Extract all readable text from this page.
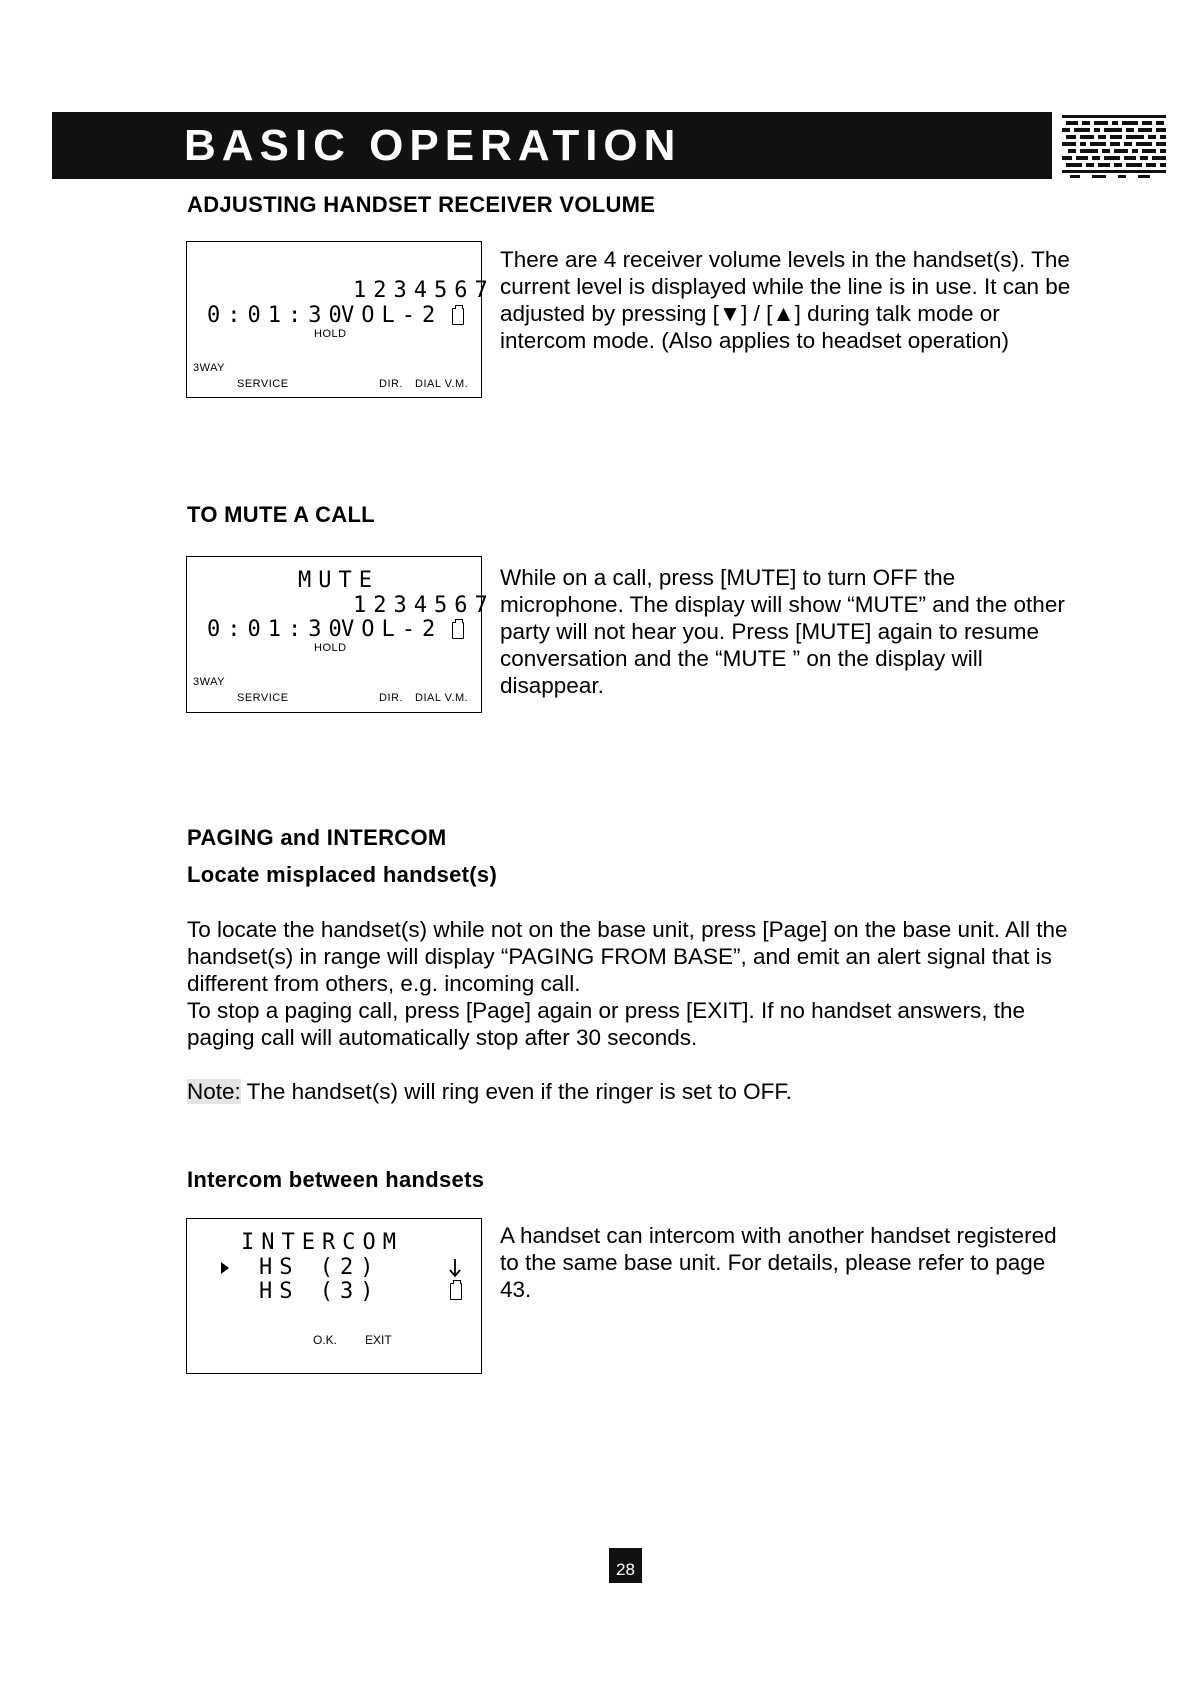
BASIC OPERATION
ADJUSTING HANDSET RECEIVER VOLUME
1234567
0:01:30
VOL-2
HOLD
3WAY
SERVICE	DIR. DIAL V.M.
There are 4 receiver volume levels in the handset(s). The current level is displayed while the line is in use. It can be adjusted by pressing [▼] / [▲] during talk mode or intercom mode. (Also applies to headset operation)
TO MUTE A CALL
MUTE
1234567
0:01:30
VOL-2
HOLD
3WAY
SERVICE	DIR. DIAL V.M.
While on a call, press [MUTE] to turn OFF the microphone. The display will show “MUTE” and the other party will not hear you. Press [MUTE] again to resume conversation and the “MUTE ” on the display will disappear.
PAGING and INTERCOM
Locate misplaced handset(s)
To locate the handset(s) while not on the base unit, press [Page] on the base unit. All the handset(s) in range will display “PAGING FROM BASE”, and emit an alert signal that is different from others, e.g. incoming call.
To stop a paging call, press [Page] again or press [EXIT]. If no handset answers, the paging call will automatically stop after 30 seconds.
Note: The handset(s) will ring even if the ringer is set to OFF.
Intercom between handsets
INTERCOM
HS (2)
HS (3)
O.K. EXIT
A handset can intercom with another handset registered to the same base unit. For details, please refer to page 43.
28
